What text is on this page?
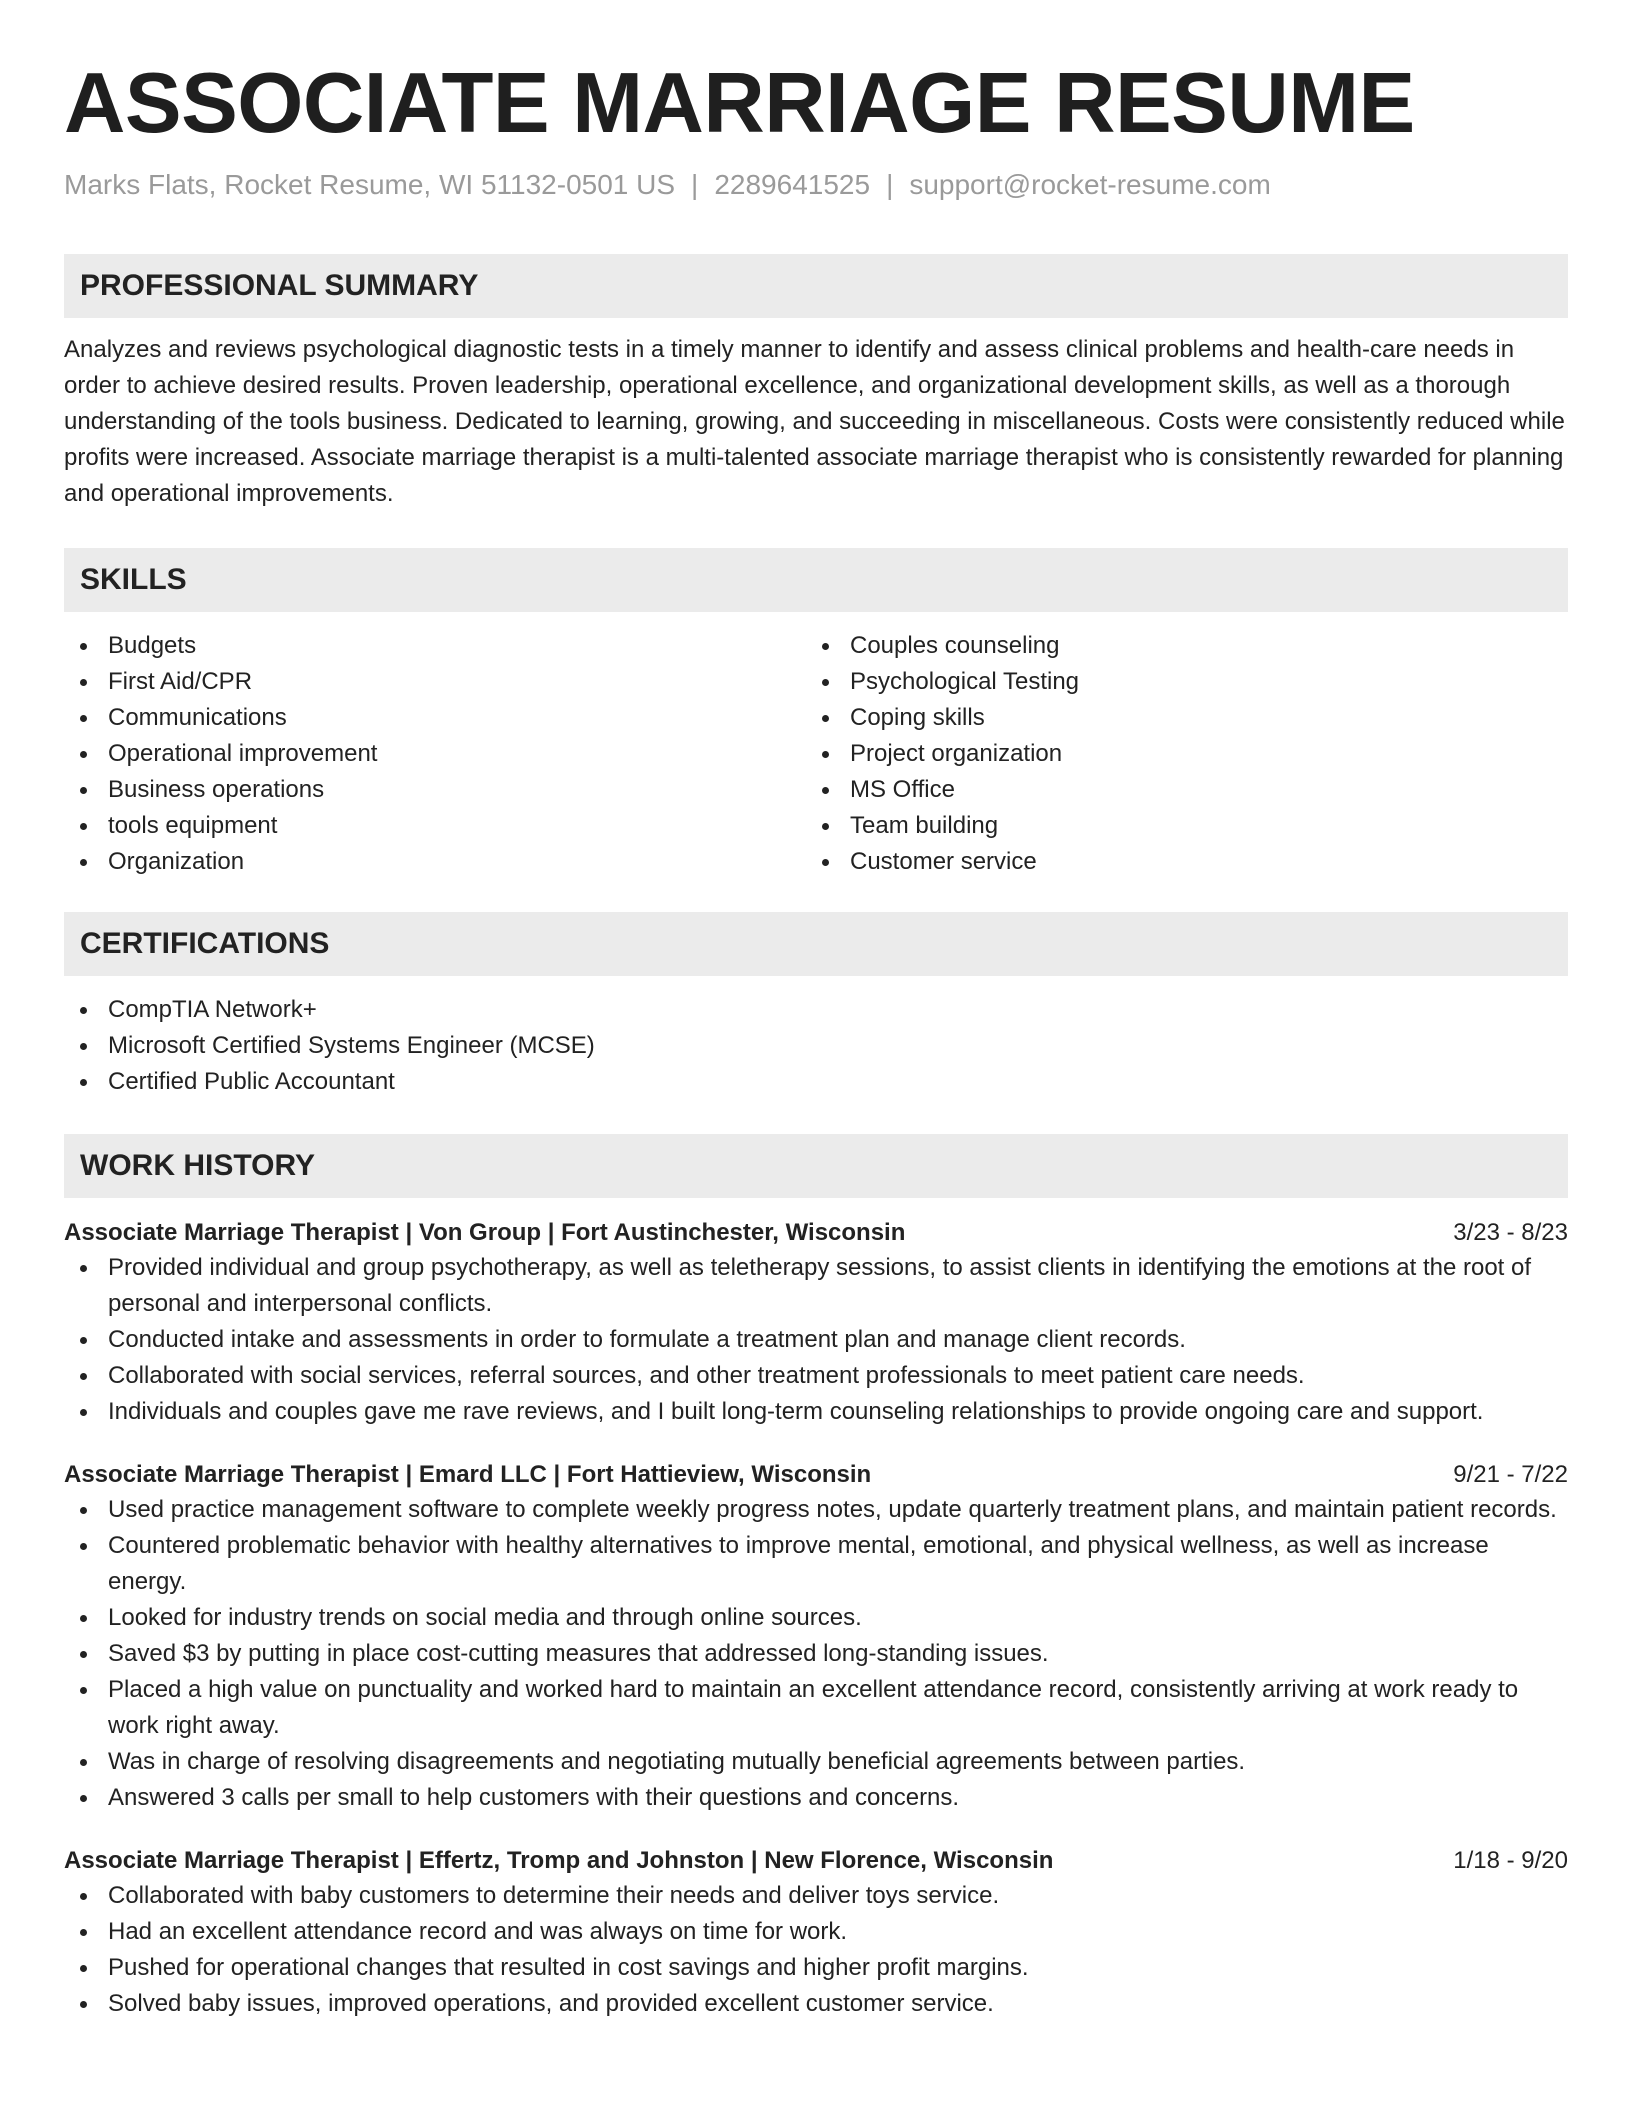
ASSOCIATE MARRIAGE RESUME
Marks Flats, Rocket Resume, WI 51132-0501 US | 2289641525 | support@rocket-resume.com
PROFESSIONAL SUMMARY

Analyzes and reviews psychological diagnostic tests in a timely manner to identify and assess clinical problems and health-care needs in order to achieve desired results. Proven leadership, operational excellence, and organizational development skills, as well as a thorough understanding of the tools business. Dedicated to learning, growing, and succeeding in miscellaneous. Costs were consistently reduced while profits were increased. Associate marriage therapist is a multi-talented associate marriage therapist who is consistently rewarded for planning and operational improvements.

SKILLS
Budgets
First Aid/CPR
Communications
Operational improvement
Business operations
tools equipment
Organization
Couples counseling
Psychological Testing
Coping skills
Project organization
MS Office
Team building
Customer service
CERTIFICATIONS
CompTIA Network+
Microsoft Certified Systems Engineer (MCSE)
Certified Public Accountant
WORK HISTORY
Associate Marriage Therapist | Von Group | Fort Austinchester, Wisconsin	3/23 - 8/23
Provided individual and group psychotherapy, as well as teletherapy sessions, to assist clients in identifying the emotions at the root of personal and interpersonal conflicts.
Conducted intake and assessments in order to formulate a treatment plan and manage client records.
Collaborated with social services, referral sources, and other treatment professionals to meet patient care needs.
Individuals and couples gave me rave reviews, and I built long-term counseling relationships to provide ongoing care and support.
Associate Marriage Therapist | Emard LLC | Fort Hattieview, Wisconsin	9/21 - 7/22
Used practice management software to complete weekly progress notes, update quarterly treatment plans, and maintain patient records.
Countered problematic behavior with healthy alternatives to improve mental, emotional, and physical wellness, as well as increase energy.
Looked for industry trends on social media and through online sources.
Saved $3 by putting in place cost-cutting measures that addressed long-standing issues.
Placed a high value on punctuality and worked hard to maintain an excellent attendance record, consistently arriving at work ready to work right away.
Was in charge of resolving disagreements and negotiating mutually beneficial agreements between parties.
Answered 3 calls per small to help customers with their questions and concerns.
Associate Marriage Therapist | Effertz, Tromp and Johnston | New Florence, Wisconsin	1/18 - 9/20
Collaborated with baby customers to determine their needs and deliver toys service.
Had an excellent attendance record and was always on time for work.
Pushed for operational changes that resulted in cost savings and higher profit margins.
Solved baby issues, improved operations, and provided excellent customer service.
